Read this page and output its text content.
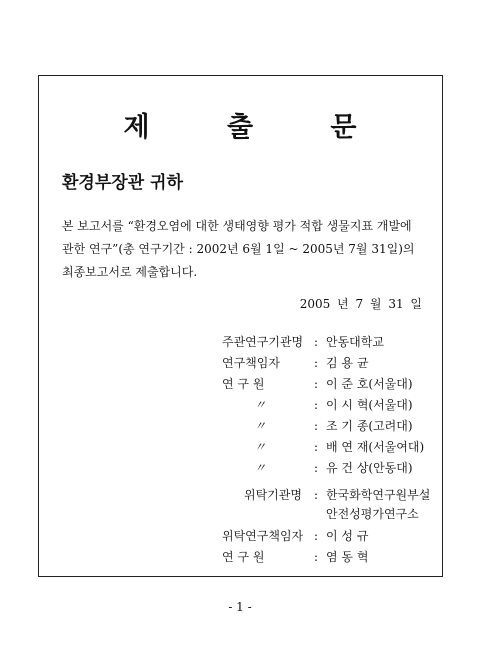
제 출 문
환경부장관 귀하
본 보고서를 “환경오염에 대한 생태영향 평가 적합 생물지표 개발에
관한 연구”(총 연구기간 : 2002년 6월 1일 ~ 2005년 7월 31일)의
최종보고서로 제출합니다.
2005 년 7 월 31 일
주관연구기관명 : 안동대학교
연구책임자	: 김 용 균
연 구 원	: 이 준 호(서울대)
〃	: 이 시 혁(서울대)
〃	: 조 기 종(고려대)
〃	: 배 연 재(서울여대)
〃	: 유 건 상(안동대)
위탁기관명 : 한국화학연구원부설
안전성평가연구소
위탁연구책임자 : 이 성 규
연 구 원	: 염 동 혁
- 1 -
